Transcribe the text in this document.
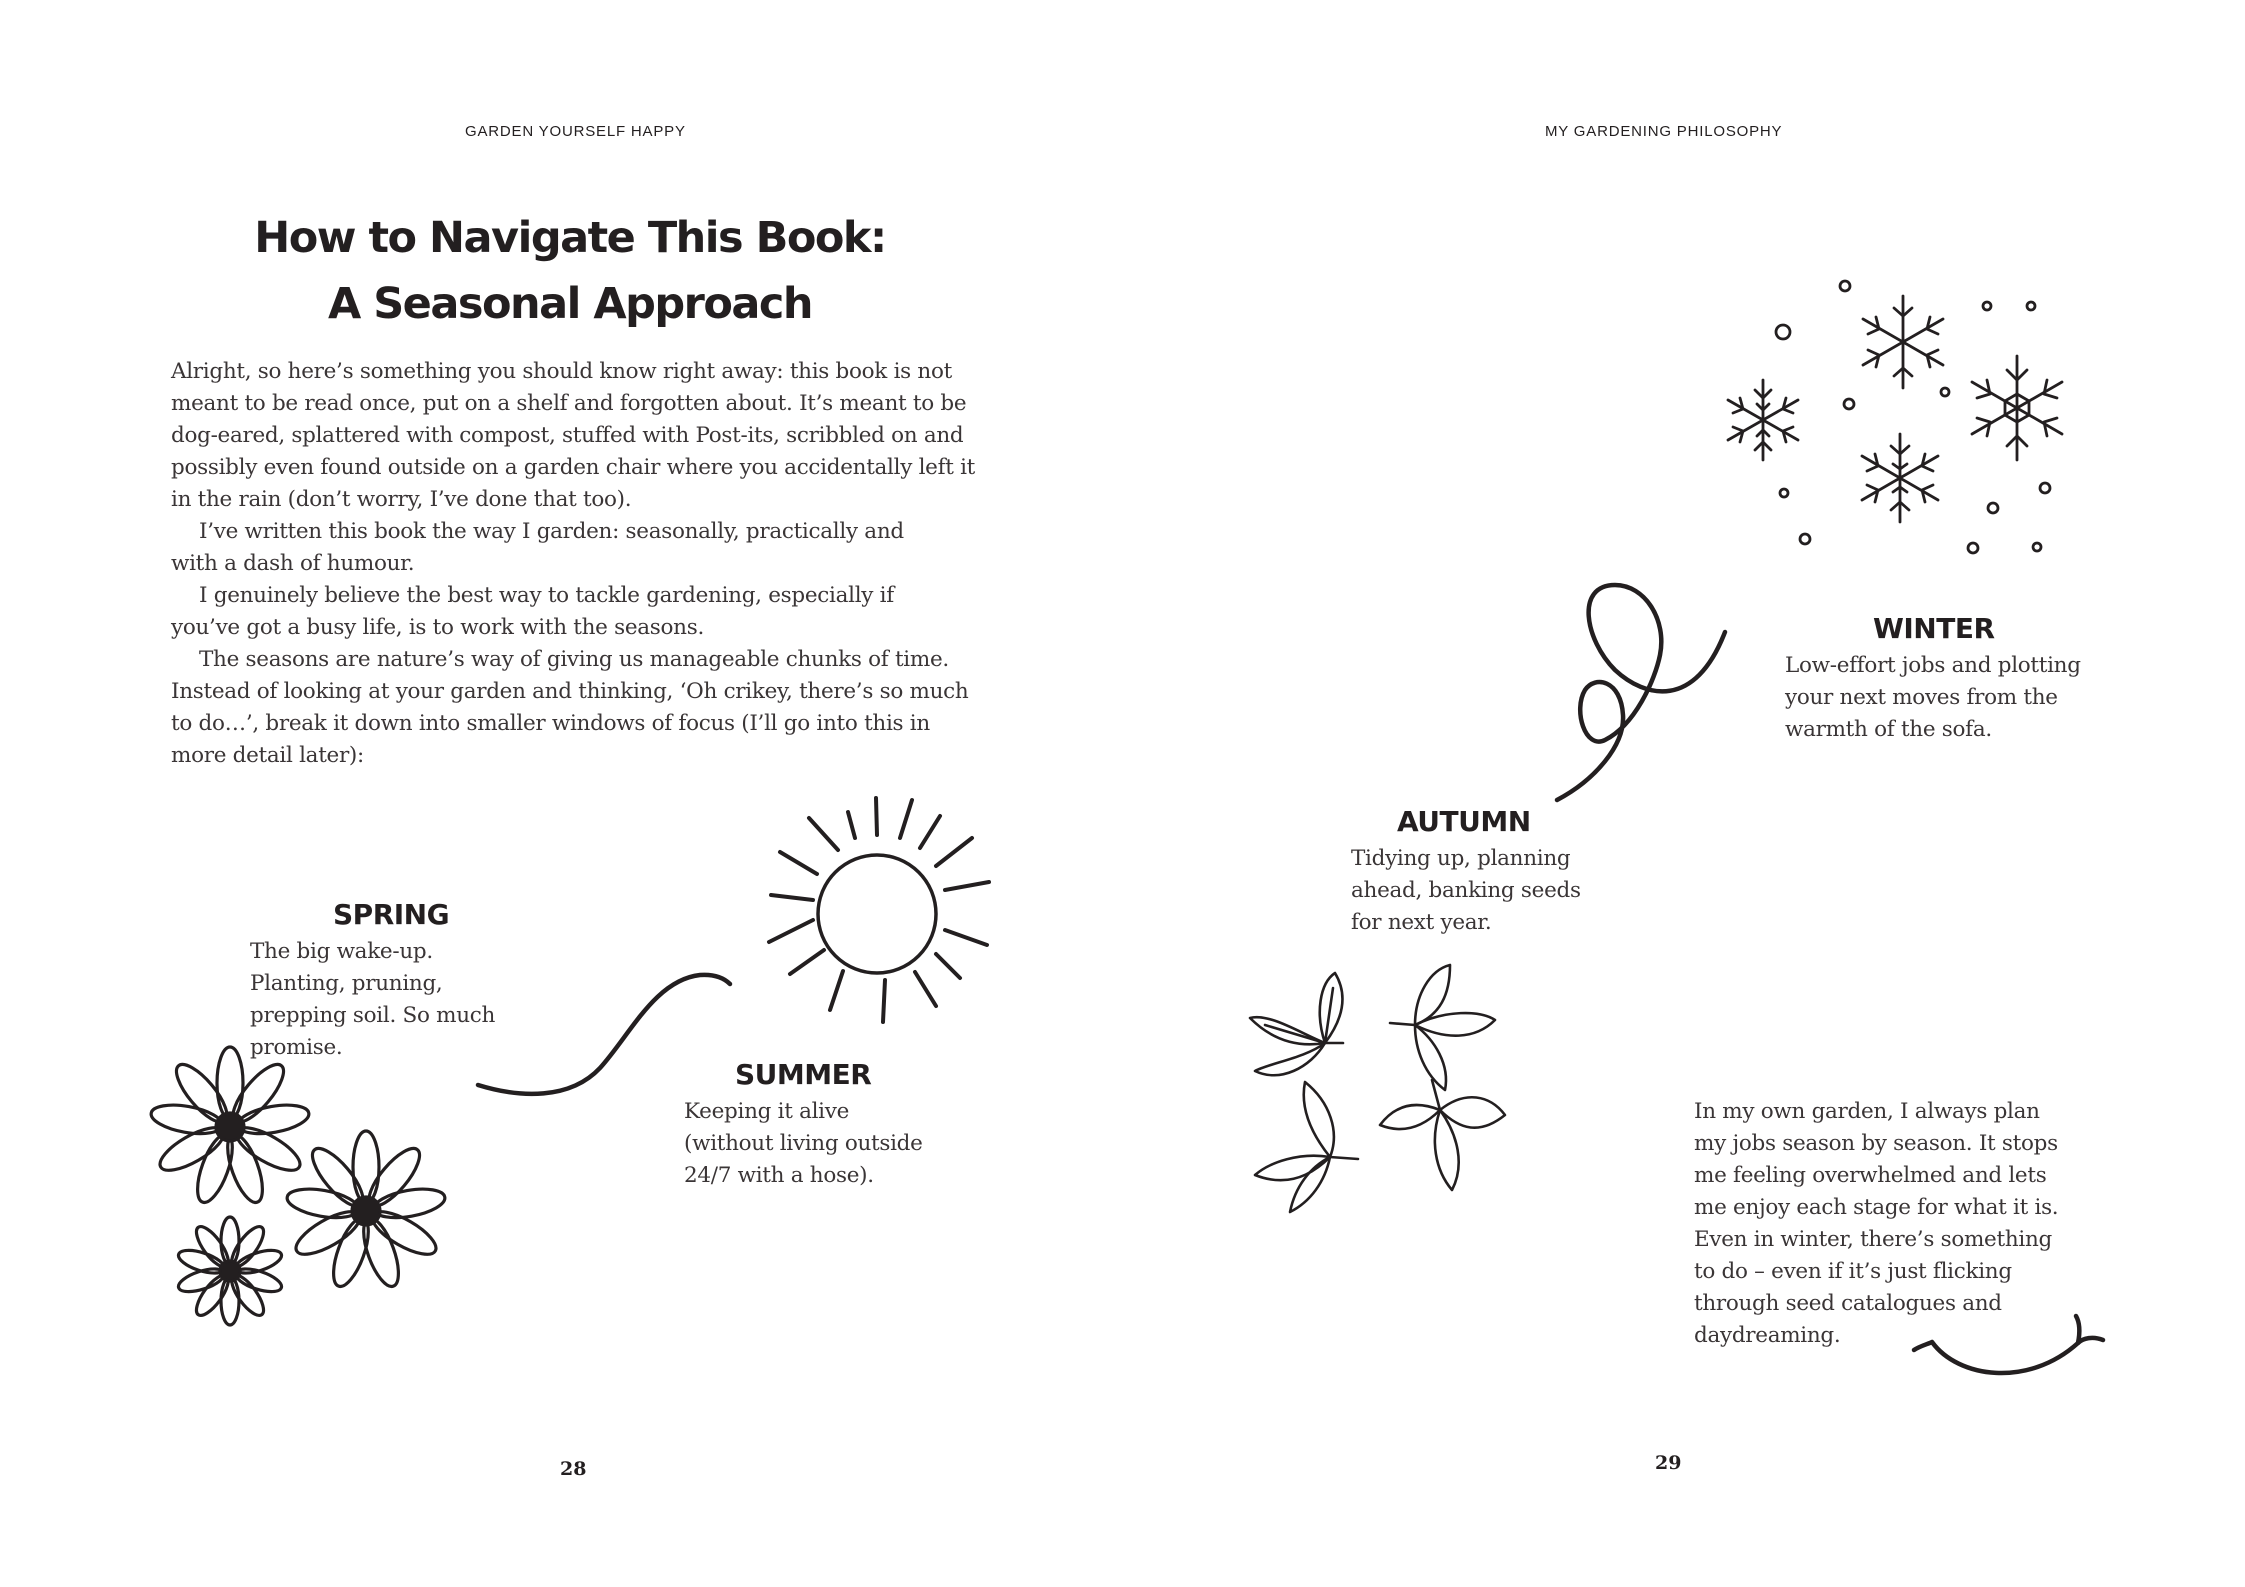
GARDEN YOURSELF HAPPY
How to Navigate This Book:
A Seasonal Approach

Alright, so here’s something you should know right away: this book is not meant to be read once, put on a shelf and forgotten about. It’s meant to be dog-eared, splattered with compost, stuffed with Post-its, scribbled on and possibly even found outside on a garden chair where you accidentally left it in the rain (don’t worry, I’ve done that too).

I’ve written this book the way I garden: seasonally, practically and with a dash of humour.

I genuinely believe the best way to tackle gardening, especially if you’ve got a busy life, is to work with the seasons.

The seasons are nature’s way of giving us manageable chunks of time. Instead of looking at your garden and thinking, ‘Oh crikey, there’s so much to do…’, break it down into smaller windows of focus (I’ll go into this in more detail later):

SPRING
The big wake-up. Planting, pruning, prepping soil. So much promise.
SUMMER
Keeping it alive (without living outside 24/7 with a hose).
28
MY GARDENING PHILOSOPHY
WINTER
Low-effort jobs and plotting your next moves from the warmth of the sofa.
AUTUMN
Tidying up, planning ahead, banking seeds for next year.
In my own garden, I always plan my jobs season by season. It stops me feeling overwhelmed and lets me enjoy each stage for what it is. Even in winter, there’s something to do – even if it’s just flicking through seed catalogues and daydreaming.
29
